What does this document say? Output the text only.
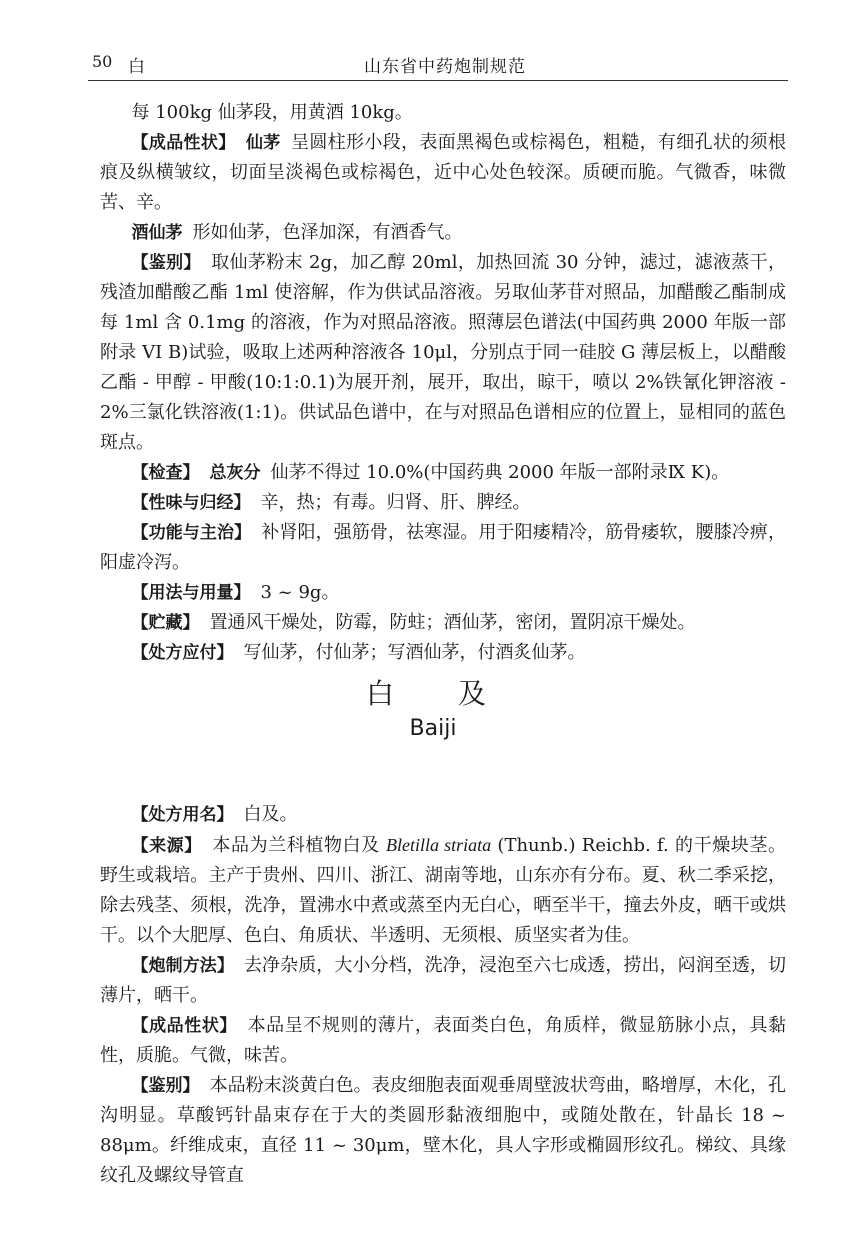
50 白	山东省中药炮制规范

每 100kg 仙茅段，用黄酒 10kg。

【成品性状】 仙茅 呈圆柱形小段，表面黑褐色或棕褐色，粗糙，有细孔状的须根痕及纵横皱纹，切面呈淡褐色或棕褐色，近中心处色较深。质硬而脆。气微香，味微苦、辛。

酒仙茅 形如仙茅，色泽加深，有酒香气。

【鉴别】 取仙茅粉末 2g，加乙醇 20ml，加热回流 30 分钟，滤过，滤液蒸干，残渣加醋酸乙酯 1ml 使溶解，作为供试品溶液。另取仙茅苷对照品，加醋酸乙酯制成每 1ml 含 0.1mg 的溶液，作为对照品溶液。照薄层色谱法(中国药典 2000 年版一部附录 VI B)试验，吸取上述两种溶液各 10μl，分别点于同一硅胶 G 薄层板上，以醋酸乙酯 - 甲醇 - 甲酸(10:1:0.1)为展开剂，展开，取出，晾干，喷以 2%铁氰化钾溶液 - 2%三氯化铁溶液(1:1)。供试品色谱中，在与对照品色谱相应的位置上，显相同的蓝色斑点。

【检查】 总灰分 仙茅不得过 10.0%(中国药典 2000 年版一部附录Ⅸ K)。

【性味与归经】 辛，热；有毒。归肾、肝、脾经。

【功能与主治】 补肾阳，强筋骨，祛寒湿。用于阳痿精冷，筋骨痿软，腰膝冷痹，阳虚冷泻。

【用法与用量】 3 ~ 9g。

【贮藏】 置通风干燥处，防霉，防蛀；酒仙茅，密闭，置阴凉干燥处。

【处方应付】 写仙茅，付仙茅；写酒仙茅，付酒炙仙茅。

白及
Baiji

【处方用名】 白及。

【来源】 本品为兰科植物白及 Bletilla striata (Thunb.) Reichb. f. 的干燥块茎。野生或栽培。主产于贵州、四川、浙江、湖南等地，山东亦有分布。夏、秋二季采挖，除去残茎、须根，洗净，置沸水中煮或蒸至内无白心，晒至半干，撞去外皮，晒干或烘干。以个大肥厚、色白、角质状、半透明、无须根、质坚实者为佳。

【炮制方法】 去净杂质，大小分档，洗净，浸泡至六七成透，捞出，闷润至透，切薄片，晒干。

【成品性状】 本品呈不规则的薄片，表面类白色，角质样，微显筋脉小点，具黏性，质脆。气微，味苦。

【鉴别】 本品粉末淡黄白色。表皮细胞表面观垂周壁波状弯曲，略增厚，木化，孔沟明显。草酸钙针晶束存在于大的类圆形黏液细胞中，或随处散在，针晶长 18 ~ 88μm。纤维成束，直径 11 ~ 30μm，壁木化，具人字形或椭圆形纹孔。梯纹、具缘纹孔及螺纹导管直
